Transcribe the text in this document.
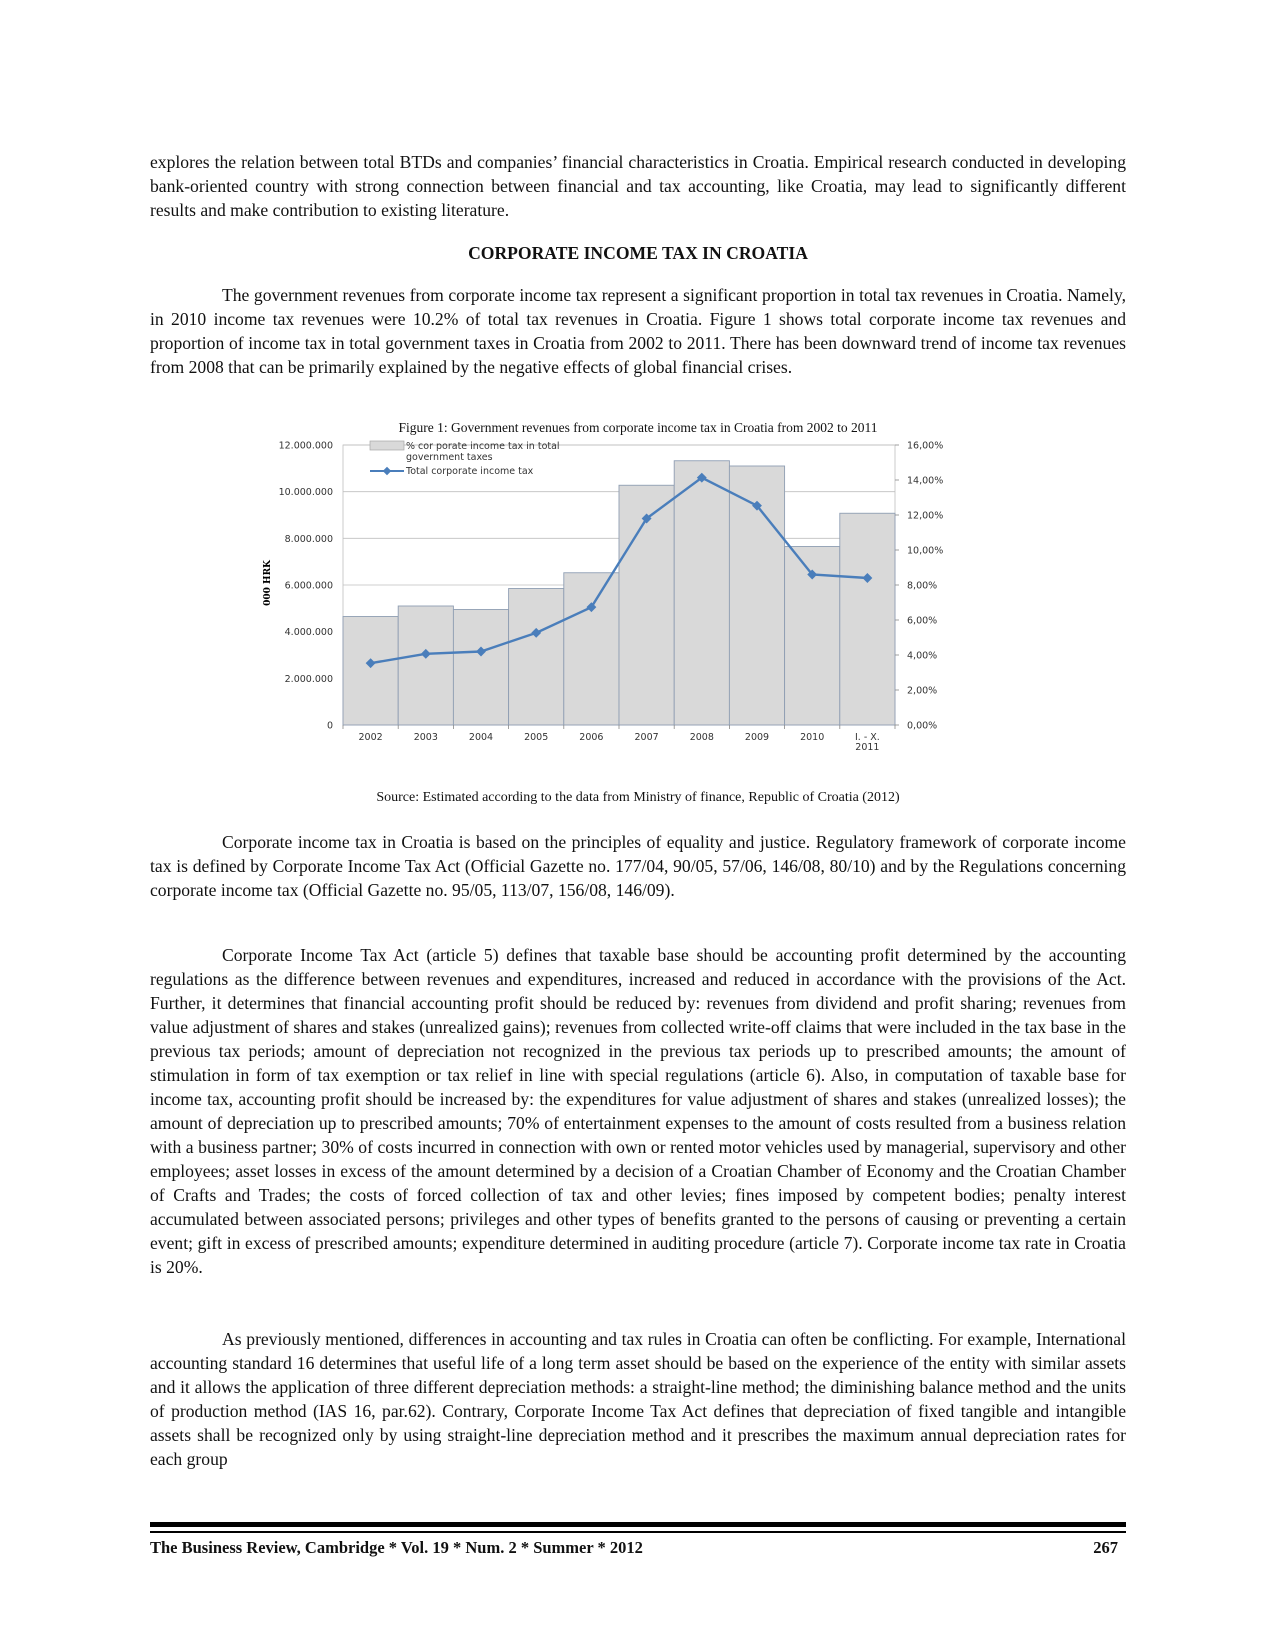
explores the relation between total BTDs and companies’ financial characteristics in Croatia. Empirical research conducted in developing bank-oriented country with strong connection between financial and tax accounting, like Croatia, may lead to significantly different results and make contribution to existing literature.

CORPORATE INCOME TAX IN CROATIA

The government revenues from corporate income tax represent a significant proportion in total tax revenues in Croatia. Namely, in 2010 income tax revenues were 10.2% of total tax revenues in Croatia. Figure 1 shows total corporate income tax revenues and proportion of income tax in total government taxes in Croatia from 2002 to 2011. There has been downward trend of income tax revenues from 2008 that can be primarily explained by the negative effects of global financial crises.

Figure 1: Government revenues from corporate income tax in Croatia from 2002 to 2011
0
2.000.000
4.000.000
6.000.000
8.000.000
10.000.000
12.000.000
0,00%
2,00%
4,00%
6,00%
8,00%
10,00%
12,00%
14,00%
16,00%
2002	2003	2004	2005	2006	2007	2008	2009	2010	I. - X. 2011
000 HRK
% cor porate income tax in total government taxes
Total corporate income tax
Source: Estimated according to the data from Ministry of finance, Republic of Croatia (2012)

Corporate income tax in Croatia is based on the principles of equality and justice. Regulatory framework of corporate income tax is defined by Corporate Income Tax Act (Official Gazette no. 177/04, 90/05, 57/06, 146/08, 80/10) and by the Regulations concerning corporate income tax (Official Gazette no. 95/05, 113/07, 156/08, 146/09).

Corporate Income Tax Act (article 5) defines that taxable base should be accounting profit determined by the accounting regulations as the difference between revenues and expenditures, increased and reduced in accordance with the provisions of the Act. Further, it determines that financial accounting profit should be reduced by: revenues from dividend and profit sharing; revenues from value adjustment of shares and stakes (unrealized gains); revenues from collected write-off claims that were included in the tax base in the previous tax periods; amount of depreciation not recognized in the previous tax periods up to prescribed amounts; the amount of stimulation in form of tax exemption or tax relief in line with special regulations (article 6). Also, in computation of taxable base for income tax, accounting profit should be increased by: the expenditures for value adjustment of shares and stakes (unrealized losses); the amount of depreciation up to prescribed amounts; 70% of entertainment expenses to the amount of costs resulted from a business relation with a business partner; 30% of costs incurred in connection with own or rented motor vehicles used by managerial, supervisory and other employees; asset losses in excess of the amount determined by a decision of a Croatian Chamber of Economy and the Croatian Chamber of Crafts and Trades; the costs of forced collection of tax and other levies; fines imposed by competent bodies; penalty interest accumulated between associated persons; privileges and other types of benefits granted to the persons of causing or preventing a certain event; gift in excess of prescribed amounts; expenditure determined in auditing procedure (article 7). Corporate income tax rate in Croatia is 20%.

As previously mentioned, differences in accounting and tax rules in Croatia can often be conflicting. For example, International accounting standard 16 determines that useful life of a long term asset should be based on the experience of the entity with similar assets and it allows the application of three different depreciation methods: a straight-line method; the diminishing balance method and the units of production method (IAS 16, par.62). Contrary, Corporate Income Tax Act defines that depreciation of fixed tangible and intangible assets shall be recognized only by using straight-line depreciation method and it prescribes the maximum annual depreciation rates for each group

The Business Review, Cambridge * Vol. 19 * Num. 2 * Summer * 2012	267
